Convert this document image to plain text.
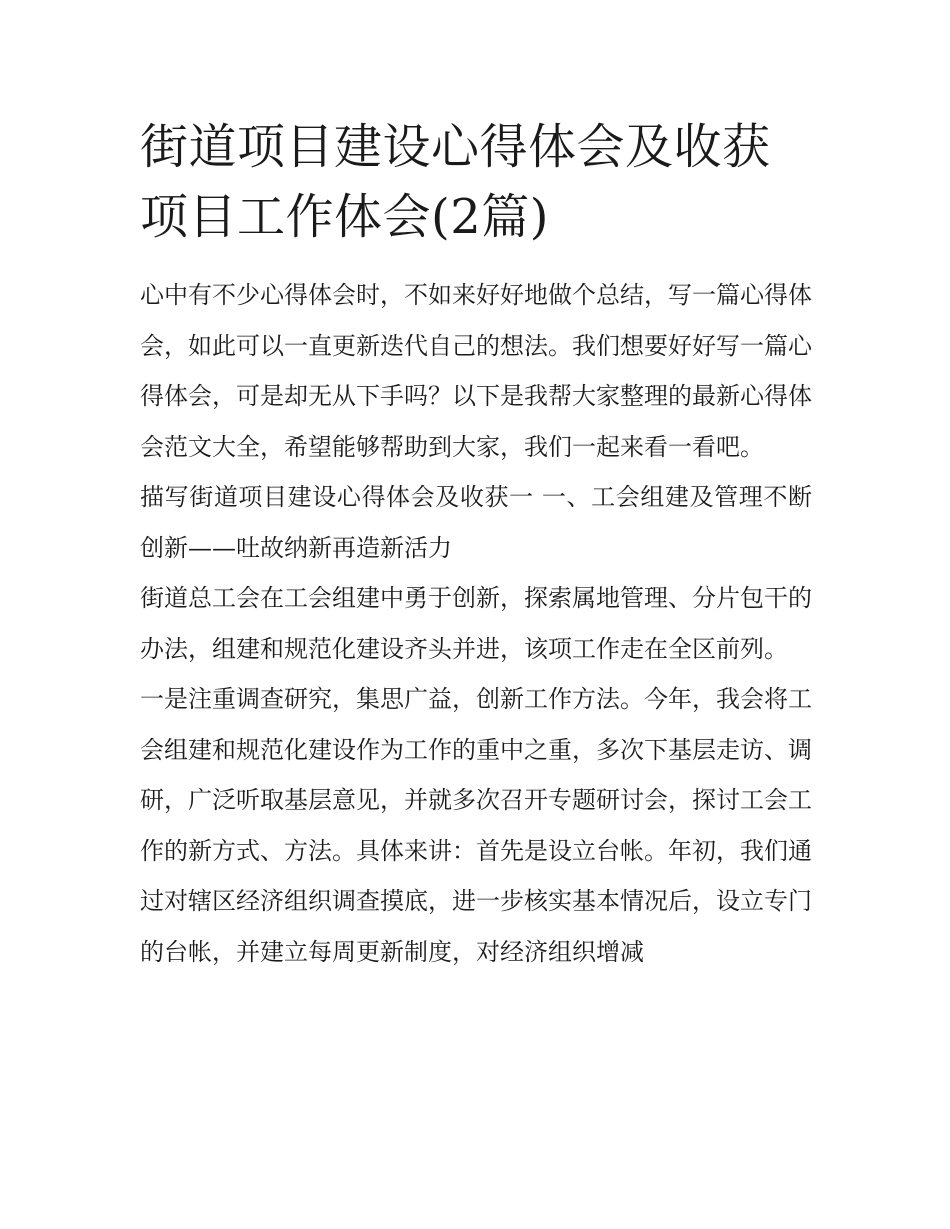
街道项目建设心得体会及收获项目工作体会(2篇)

心中有不少心得体会时，不如来好好地做个总结，写一篇心得体会，如此可以一直更新迭代自己的想法。我们想要好好写一篇心得体会，可是却无从下手吗？以下是我帮大家整理的最新心得体会范文大全，希望能够帮助到大家，我们一起来看一看吧。

描写街道项目建设心得体会及收获一 一、工会组建及管理不断创新——吐故纳新再造新活力

街道总工会在工会组建中勇于创新，探索属地管理、分片包干的办法，组建和规范化建设齐头并进，该项工作走在全区前列。

一是注重调查研究，集思广益，创新工作方法。今年，我会将工会组建和规范化建设作为工作的重中之重，多次下基层走访、调研，广泛听取基层意见，并就多次召开专题研讨会，探讨工会工作的新方式、方法。具体来讲：首先是设立台帐。年初，我们通过对辖区经济组织调查摸底，进一步核实基本情况后，设立专门的台帐，并建立每周更新制度，对经济组织增减
